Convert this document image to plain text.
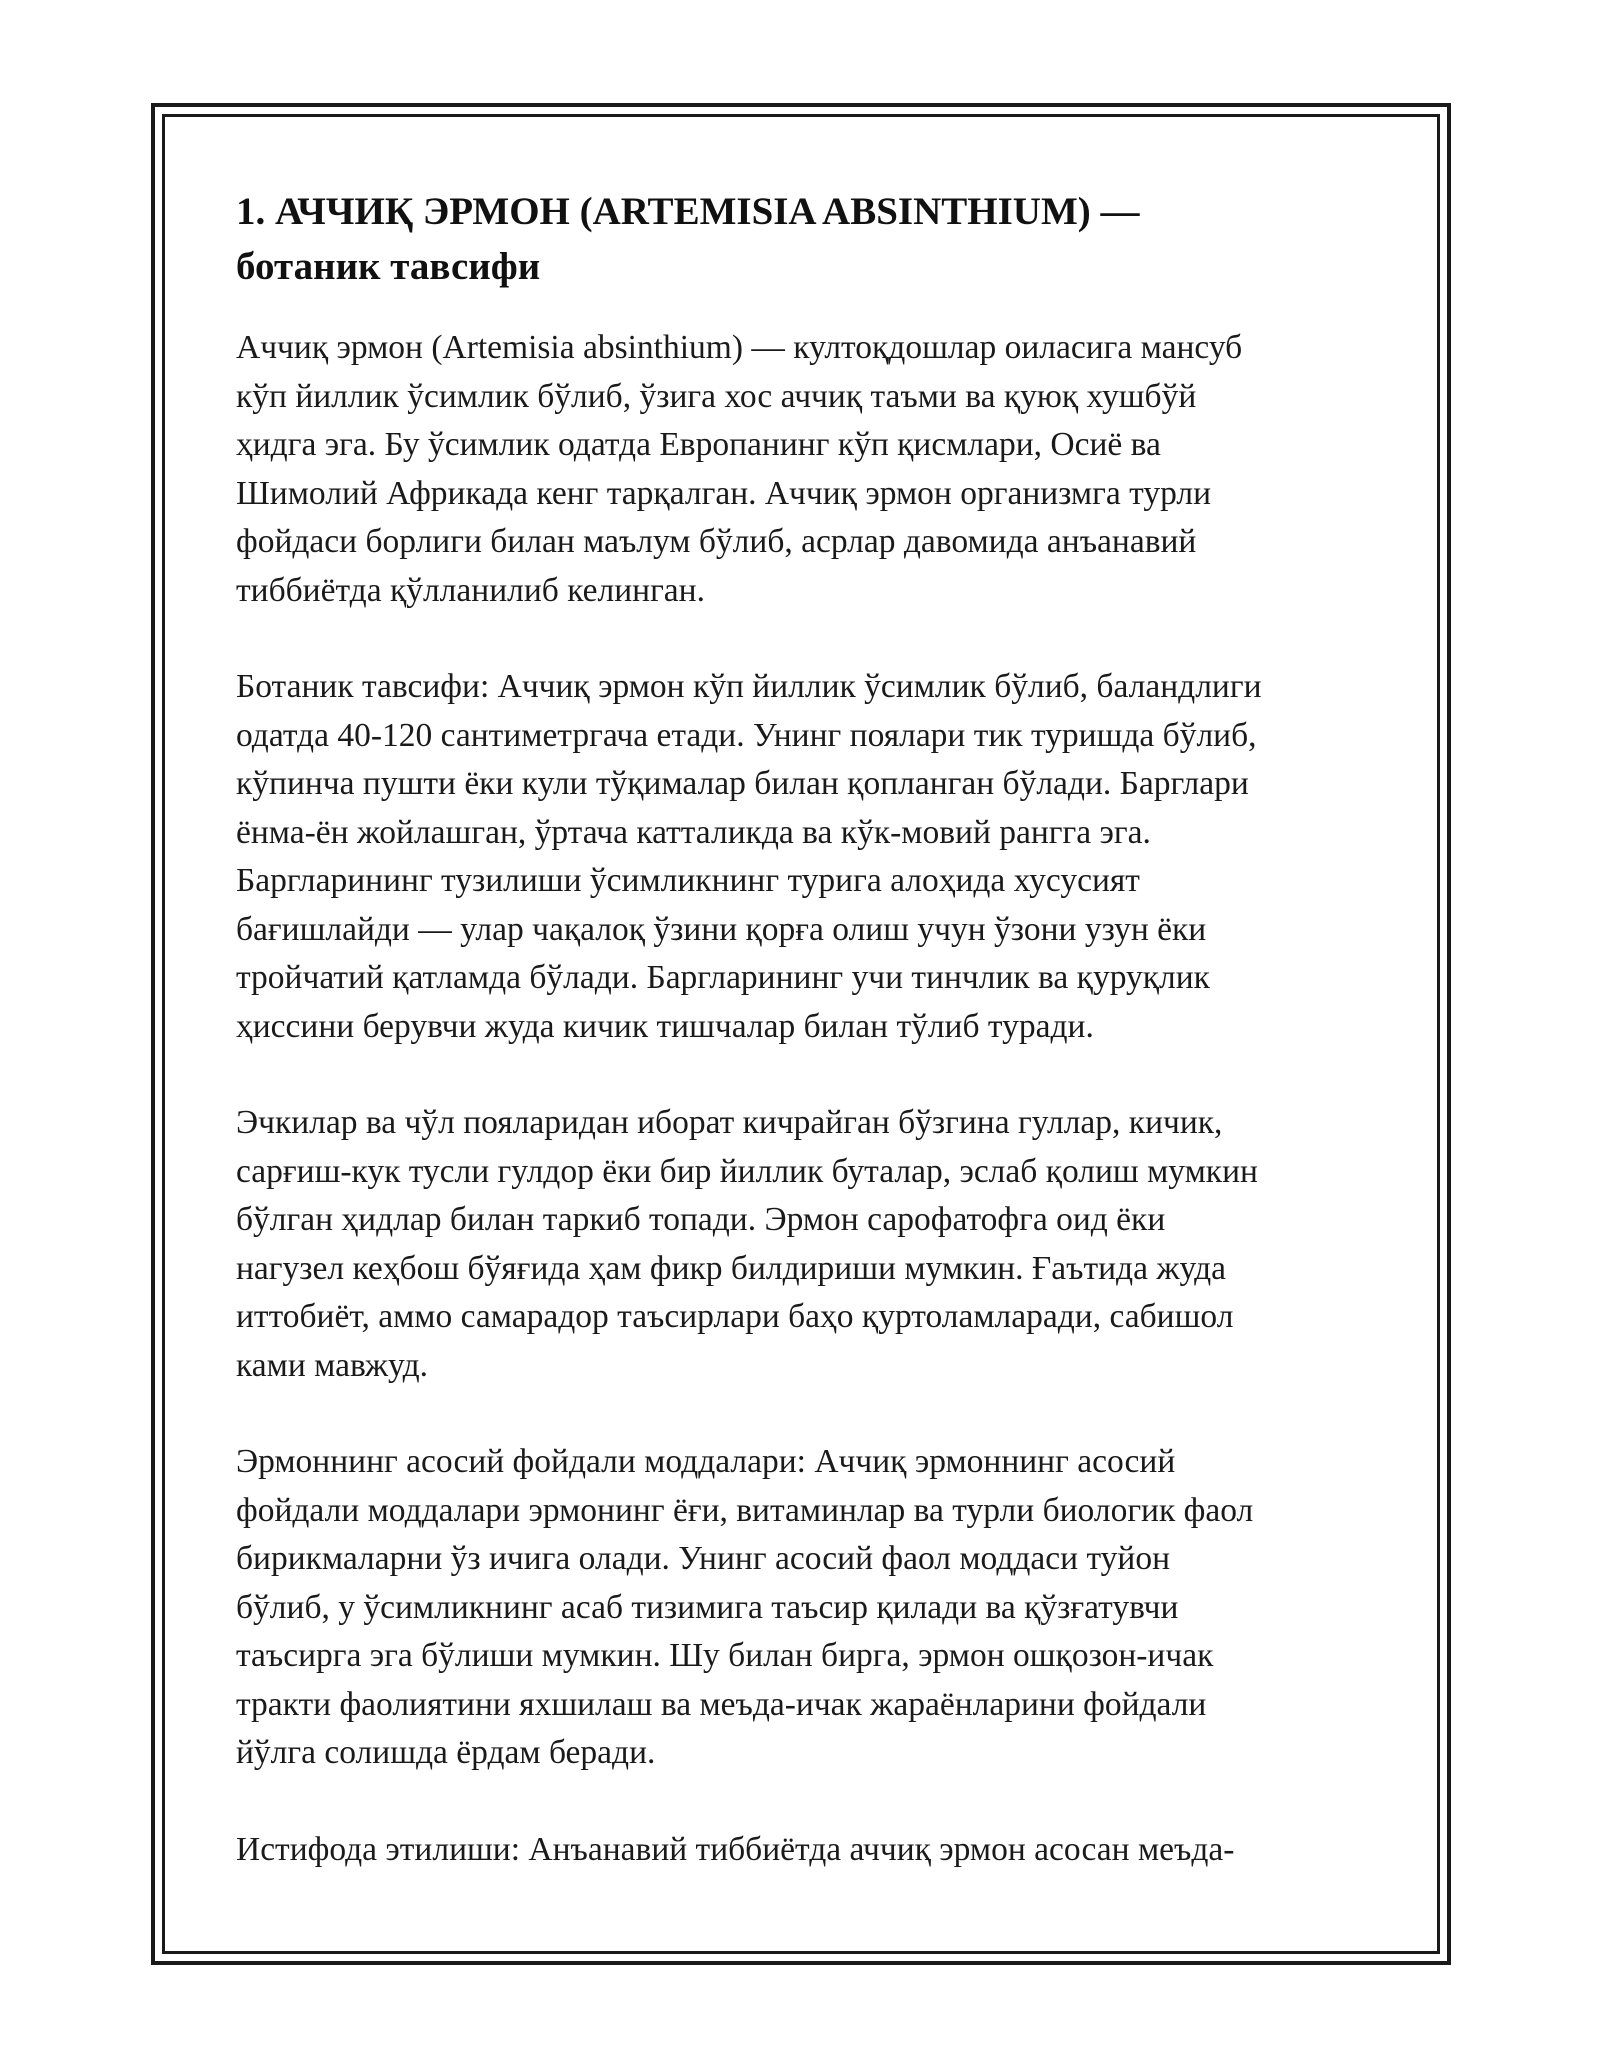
1. АЧЧИҚ ЭРМОН (ARTEMISIA ABSINTHIUM) —
ботаник тавсифи

Аччиқ эрмон (Artemisia absinthium) — култоқдошлар оиласига мансуб
кўп йиллик ўсимлик бўлиб, ўзига хос аччиқ таъми ва қуюқ хушбўй
ҳидга эга. Бу ўсимлик одатда Европанинг кўп қисмлари, Осиё ва
Шимолий Африкада кенг тарқалган. Аччиқ эрмон организмга турли
фойдаси борлиги билан маълум бўлиб, асрлар давомида анъанавий
тиббиётда қўлланилиб келинган.

Ботаник тавсифи: Аччиқ эрмон кўп йиллик ўсимлик бўлиб, баландлиги
одатда 40-120 сантиметргача етади. Унинг поялари тик туришда бўлиб,
кўпинча пушти ёки кули тўқималар билан қопланган бўлади. Барглари
ёнма-ён жойлашган, ўртача катталикда ва кўк-мовий рангга эга.
Баргларининг тузилиши ўсимликнинг турига алоҳида хусусият
бағишлайди — улар чақалоқ ўзини қорға олиш учун ўзони узун ёки
тройчатий қатламда бўлади. Баргларининг учи тинчлик ва қуруқлик
ҳиссини берувчи жуда кичик тишчалар билан тўлиб туради.

Эчкилар ва чўл пояларидан иборат кичрайган бўзгина гуллар, кичик,
сарғиш-кук тусли гулдор ёки бир йиллик буталар, эслаб қолиш мумкин
бўлган ҳидлар билан таркиб топади. Эрмон сарофатофга оид ёки
нагузел кеҳбош бўяғида ҳам фикр билдириши мумкин. Ғаътида жуда
иттобиёт, аммо самарадор таъсирлари баҳо қуртоламларади, сабишол
ками мавжуд.

Эрмоннинг асосий фойдали моддалари: Аччиқ эрмоннинг асосий
фойдали моддалари эрмонинг ёғи, витаминлар ва турли биологик фаол
бирикмаларни ўз ичига олади. Унинг асосий фаол моддаси туйон
бўлиб, у ўсимликнинг асаб тизимига таъсир қилади ва қўзғатувчи
таъсирга эга бўлиши мумкин. Шу билан бирга, эрмон ошқозон-ичак
тракти фаолиятини яхшилаш ва меъда-ичак жараёнларини фойдали
йўлга солишда ёрдам беради.

Истифода этилиши: Анъанавий тиббиётда аччиқ эрмон асосан меъда-
